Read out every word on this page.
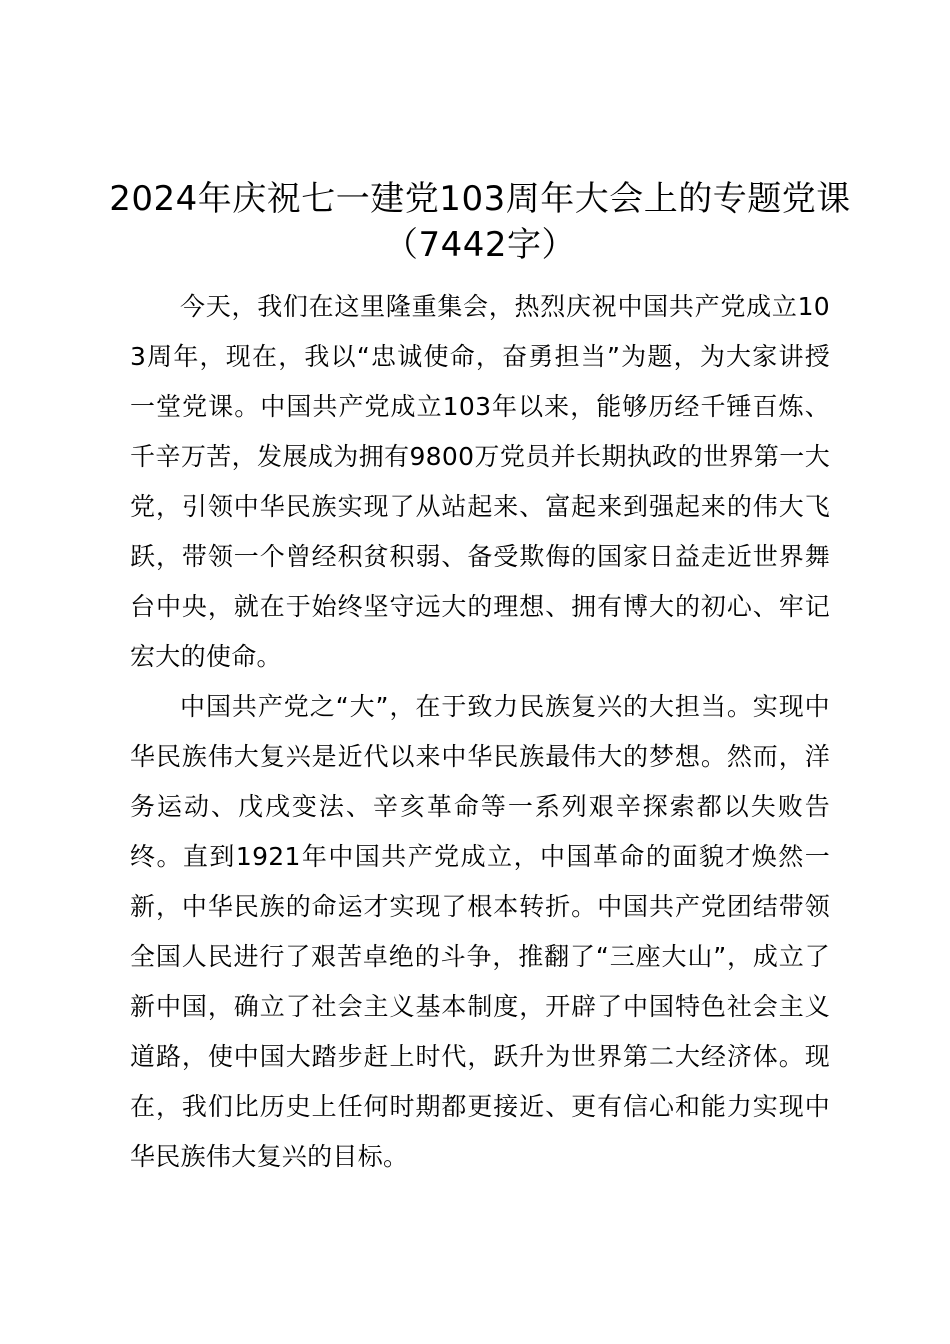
2024年庆祝七一建党103周年大会上的专题党课（7442字）

今天，我们在这里隆重集会，热烈庆祝中国共产党成立103周年，现在，我以“忠诚使命，奋勇担当”为题，为大家讲授一堂党课。中国共产党成立103年以来，能够历经千锤百炼、千辛万苦，发展成为拥有9800万党员并长期执政的世界第一大党，引领中华民族实现了从站起来、富起来到强起来的伟大飞跃，带领一个曾经积贫积弱、备受欺侮的国家日益走近世界舞台中央，就在于始终坚守远大的理想、拥有博大的初心、牢记宏大的使命。

中国共产党之“大”，在于致力民族复兴的大担当。实现中华民族伟大复兴是近代以来中华民族最伟大的梦想。然而，洋务运动、戊戌变法、辛亥革命等一系列艰辛探索都以失败告终。直到1921年中国共产党成立，中国革命的面貌才焕然一新，中华民族的命运才实现了根本转折。中国共产党团结带领全国人民进行了艰苦卓绝的斗争，推翻了“三座大山”，成立了新中国，确立了社会主义基本制度，开辟了中国特色社会主义道路，使中国大踏步赶上时代，跃升为世界第二大经济体。现在，我们比历史上任何时期都更接近、更有信心和能力实现中华民族伟大复兴的目标。
